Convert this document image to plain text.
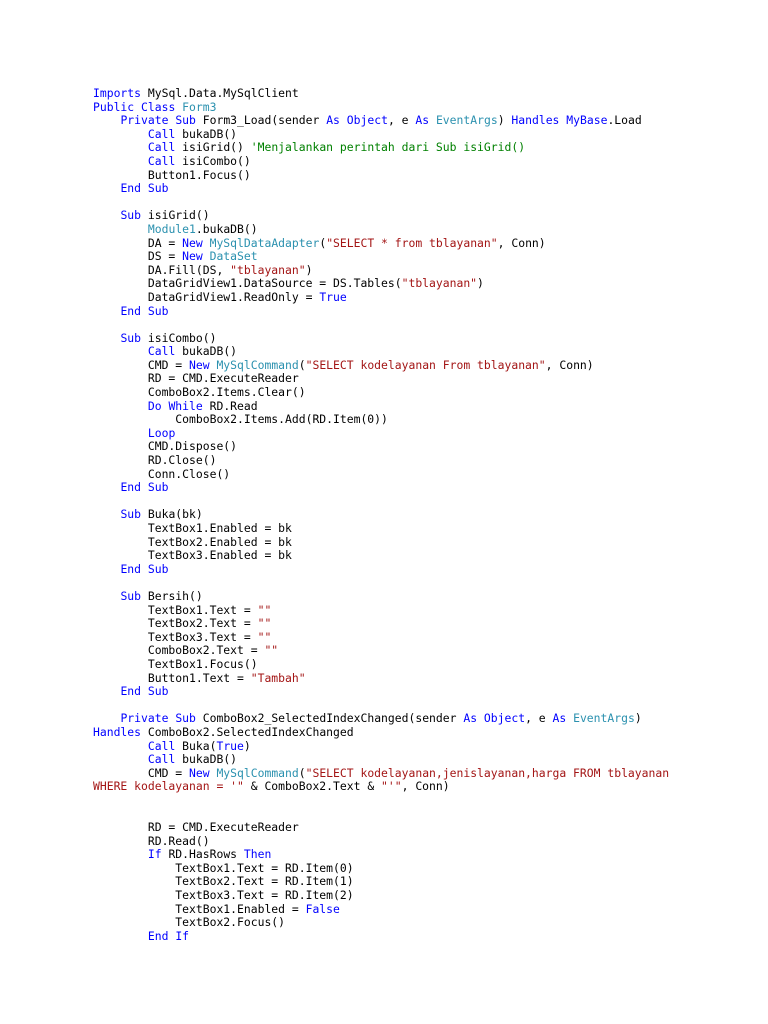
Imports MySql.Data.MySqlClient
Public Class Form3
Private Sub Form3_Load(sender As Object, e As EventArgs) Handles MyBase.Load
Call bukaDB()
Call isiGrid() 'Menjalankan perintah dari Sub isiGrid()
Call isiCombo()
Button1.Focus()
End Sub
Sub isiGrid()
Module1.bukaDB()
DA = New MySqlDataAdapter("SELECT * from tblayanan", Conn)
DS = New DataSet
DA.Fill(DS, "tblayanan")
DataGridView1.DataSource = DS.Tables("tblayanan")
DataGridView1.ReadOnly = True
End Sub
Sub isiCombo()
Call bukaDB()
CMD = New MySqlCommand("SELECT kodelayanan From tblayanan", Conn)
RD = CMD.ExecuteReader
ComboBox2.Items.Clear()
Do While RD.Read
ComboBox2.Items.Add(RD.Item(0))
Loop
CMD.Dispose()
RD.Close()
Conn.Close()
End Sub
Sub Buka(bk)
TextBox1.Enabled = bk
TextBox2.Enabled = bk
TextBox3.Enabled = bk
End Sub
Sub Bersih()
TextBox1.Text = ""
TextBox2.Text = ""
TextBox3.Text = ""
ComboBox2.Text = ""
TextBox1.Focus()
Button1.Text = "Tambah"
End Sub
Private Sub ComboBox2_SelectedIndexChanged(sender As Object, e As EventArgs)
Handles ComboBox2.SelectedIndexChanged
Call Buka(True)
Call bukaDB()
CMD = New MySqlCommand("SELECT kodelayanan,jenislayanan,harga FROM tblayanan
WHERE kodelayanan = '" & ComboBox2.Text & "'", Conn)
RD = CMD.ExecuteReader
RD.Read()
If RD.HasRows Then
TextBox1.Text = RD.Item(0)
TextBox2.Text = RD.Item(1)
TextBox3.Text = RD.Item(2)
TextBox1.Enabled = False
TextBox2.Focus()
End If
